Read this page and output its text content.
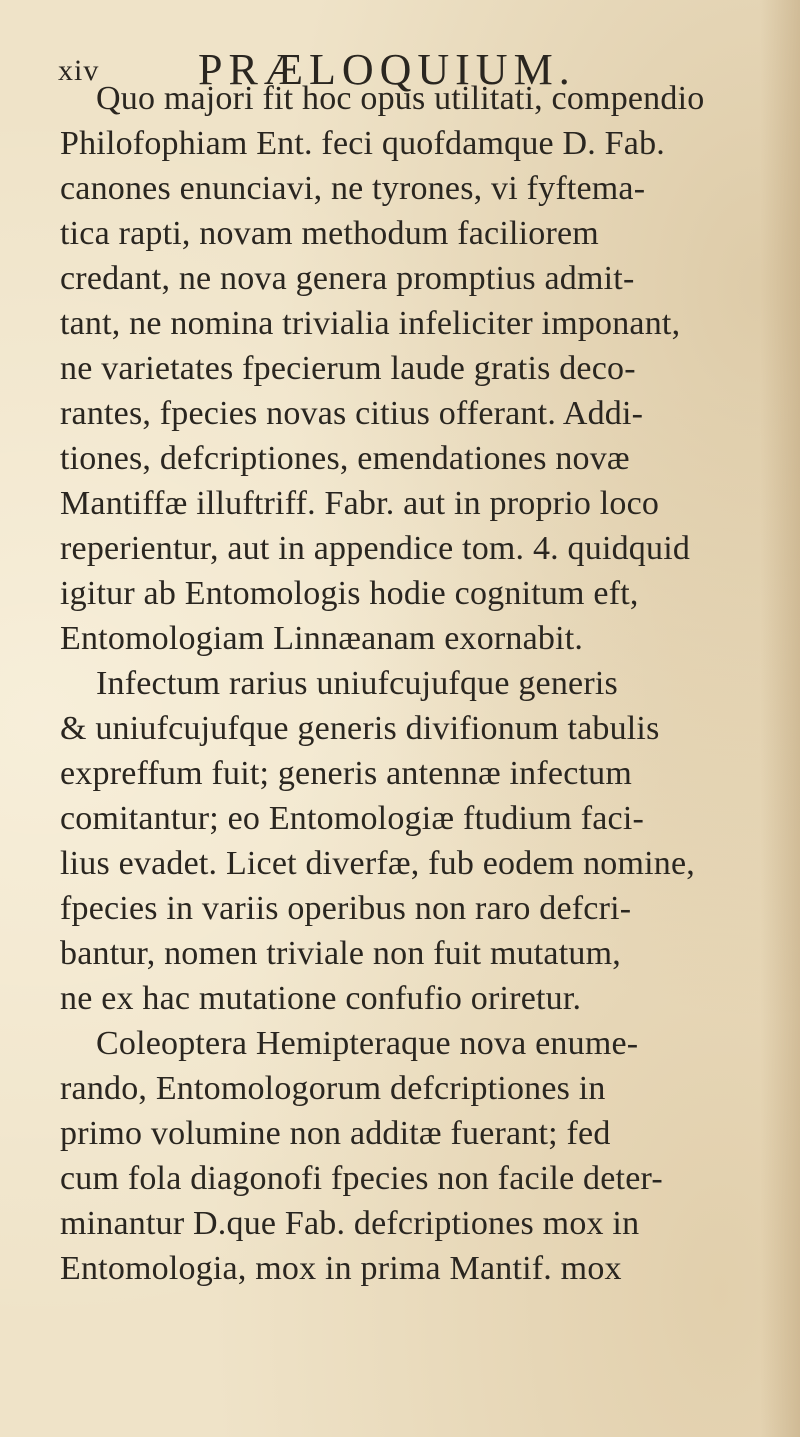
xiv PRÆLOQUIUM.
Quo majori fit hoc opus utilitati, compendio
Philofophiam Ent. feci quofdamque D. Fab.
canones enunciavi, ne tyrones, vi fyftema-
tica rapti, novam methodum faciliorem
credant, ne nova genera promptius admit-
tant, ne nomina trivialia infeliciter imponant,
ne varietates fpecierum laude gratis deco-
rantes, fpecies novas citius offerant. Addi-
tiones, defcriptiones, emendationes novæ
Mantiffæ illuftriff. Fabr. aut in proprio loco
reperientur, aut in appendice tom. 4. quidquid
igitur ab Entomologis hodie cognitum eft,
Entomologiam Linnæanam exornabit.
Infectum rarius uniufcujufque generis
& uniufcujufque generis divifionum tabulis
expreffum fuit; generis antennæ infectum
comitantur; eo Entomologiæ ftudium faci-
lius evadet. Licet diverfæ, fub eodem nomine,
fpecies in variis operibus non raro defcri-
bantur, nomen triviale non fuit mutatum,
ne ex hac mutatione confufio oriretur.
Coleoptera Hemipteraque nova enume-
rando, Entomologorum defcriptiones in
primo volumine non additæ fuerant; fed
cum fola diagonofi fpecies non facile deter-
minantur D.que Fab. defcriptiones mox in
Entomologia, mox in prima Mantif. mox
